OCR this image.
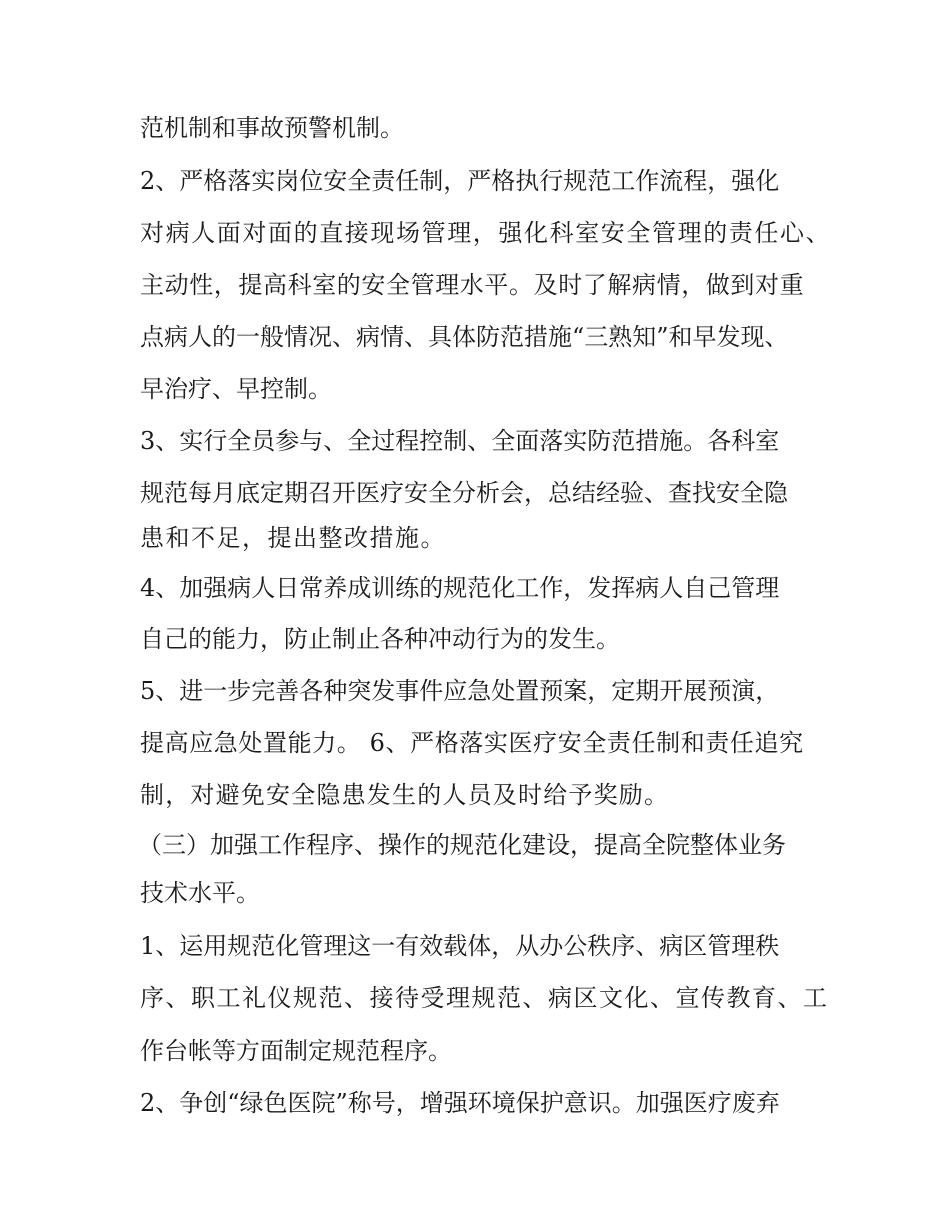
范机制和事故预警机制。
2、严格落实岗位安全责任制，严格执行规范工作流程，强化
对病人面对面的直接现场管理，强化科室安全管理的责任心、
主动性，提高科室的安全管理水平。及时了解病情，做到对重
点病人的一般情况、病情、具体防范措施“三熟知”和早发现、
早治疗、早控制。
3、实行全员参与、全过程控制、全面落实防范措施。各科室
规范每月底定期召开医疗安全分析会，总结经验、查找安全隐
患和不足，提出整改措施。
4、加强病人日常养成训练的规范化工作，发挥病人自己管理
自己的能力，防止制止各种冲动行为的发生。
5、进一步完善各种突发事件应急处置预案，定期开展预演，
提高应急处置能力。 6、严格落实医疗安全责任制和责任追究
制，对避免安全隐患发生的人员及时给予奖励。
（三）加强工作程序、操作的规范化建设，提高全院整体业务
技术水平。
1、运用规范化管理这一有效载体，从办公秩序、病区管理秩
序、职工礼仪规范、接待受理规范、病区文化、宣传教育、工
作台帐等方面制定规范程序。
2、争创“绿色医院”称号，增强环境保护意识。加强医疗废弃
